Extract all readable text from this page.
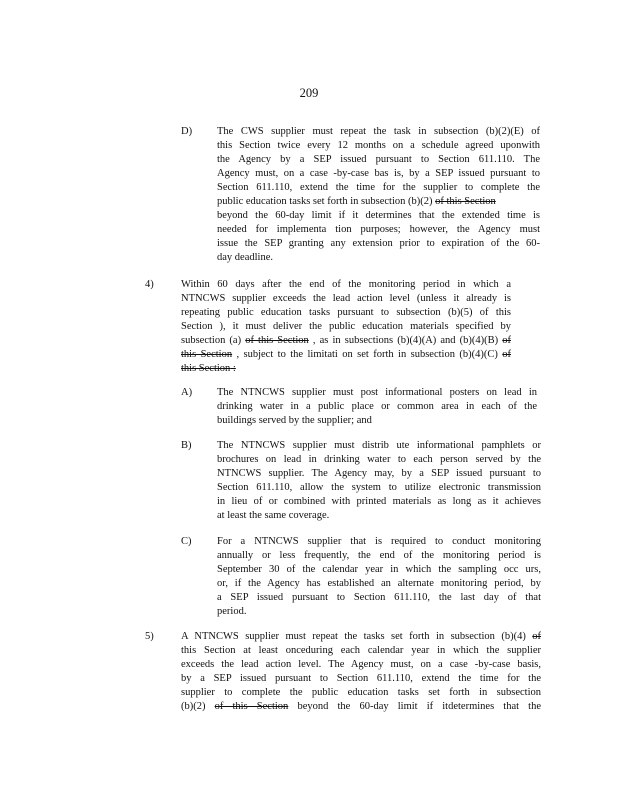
209
D) The CWS supplier must repeat the task in subsection (b)(2)(E) of
this Section twice every 12 months on a schedule agreed uponwith
the Agency by a SEP issued pursuant to Section 611.110. The
Agency must, on a case -by-case bas is, by a SEP issued pursuant to
Section 611.110, extend the time for the supplier to complete the
public education tasks set forth in subsection (b)(2) of this Section
beyond the 60-day limit if it determines that the extended time is
needed for implementa tion purposes; however, the Agency must
issue the SEP granting any extension prior to expiration of the 60-
day deadline.
4)	Within 60 days after the end of the monitoring period in which a
NTNCWS supplier exceeds the lead action level (unless it already is
repeating public education tasks pursuant to subsection (b)(5) of this
Section ), it must deliver the public education materials specified by
subsection (a) of this Section , as in subsections (b)(4)(A) and (b)(4)(B) of
this Section , subject to the limitati on set forth in subsection (b)(4)(C) of
this Section :
A) The NTNCWS supplier must post informational posters on lead in
drinking water in a public place or common area in each of the
buildings served by the supplier; and
B) The NTNCWS supplier must distrib ute informational pamphlets or
brochures on lead in drinking water to each person served by the
NTNCWS supplier. The Agency may, by a SEP issued pursuant to
Section 611.110, allow the system to utilize electronic transmission
in lieu of or combined with printed materials as long as it achieves
at least the same coverage.
C) For a NTNCWS supplier that is required to conduct monitoring
annually or less frequently, the end of the monitoring period is
September 30 of the calendar year in which the sampling occ urs,
or, if the Agency has established an alternate monitoring period, by
a SEP issued pursuant to Section 611.110, the last day of that
period.
5)	A NTNCWS supplier must repeat the tasks set forth in subsection (b)(4) of
this Section at least onceduring each calendar year in which the supplier
exceeds the lead action level. The Agency must, on a case -by-case basis,
by a SEP issued pursuant to Section 611.110, extend the time for the
supplier to complete the public education tasks set forth in subsection
(b)(2) of this Section beyond the 60-day limit if itdetermines that the
